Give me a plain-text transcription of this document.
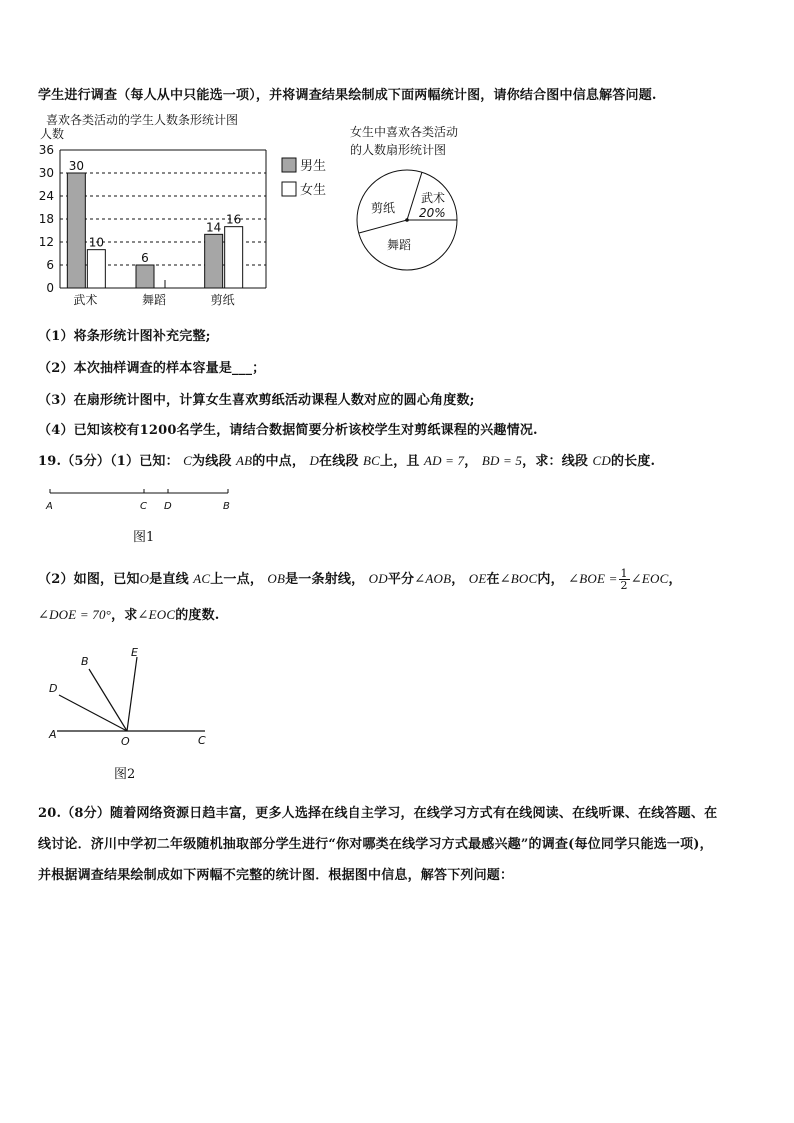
学生进行调查（每人从中只能选一项），并将调查结果绘制成下面两幅统计图，请你结合图中信息解答问题.
喜欢各类活动的学生人数条形统计图
人数
0
6
12
18
24
30
36
30
10
6
14
16
武术	舞蹈	剪纸
男生
女生
女生中喜欢各类活动
的人数扇形统计图
武术
20%
剪纸
舞蹈
（1）将条形统计图补充完整;
（2）本次抽样调查的样本容量是___；
（3）在扇形统计图中，计算女生喜欢剪纸活动课程人数对应的圆心角度数;
（4）已知该校有1200名学生，请结合数据简要分析该校学生对剪纸课程的兴趣情况.
19.（5分）（1）已知： C为线段 AB的中点， D在线段 BC上，且 AD = 7， BD = 5，求：线段 CD的长度.
A	C D	B
图1
（2）如图，已知O是直线 AC上一点， OB是一条射线， OD平分∠AOB， OE在∠BOC内， ∠BOE = $\frac{1}{2}$ ∠EOC，
∠DOE = 70°，求∠EOC的度数.
B
E
D
A
O	C
图2
20.（8分）随着网络资源日趋丰富，更多人选择在线自主学习，在线学习方式有在线阅读、在线听课、在线答题、在
线讨论．济川中学初二年级随机抽取部分学生进行“你对哪类在线学习方式最感兴趣”的调查(每位同学只能选一项)，
并根据调查结果绘制成如下两幅不完整的统计图．根据图中信息，解答下列问题：
